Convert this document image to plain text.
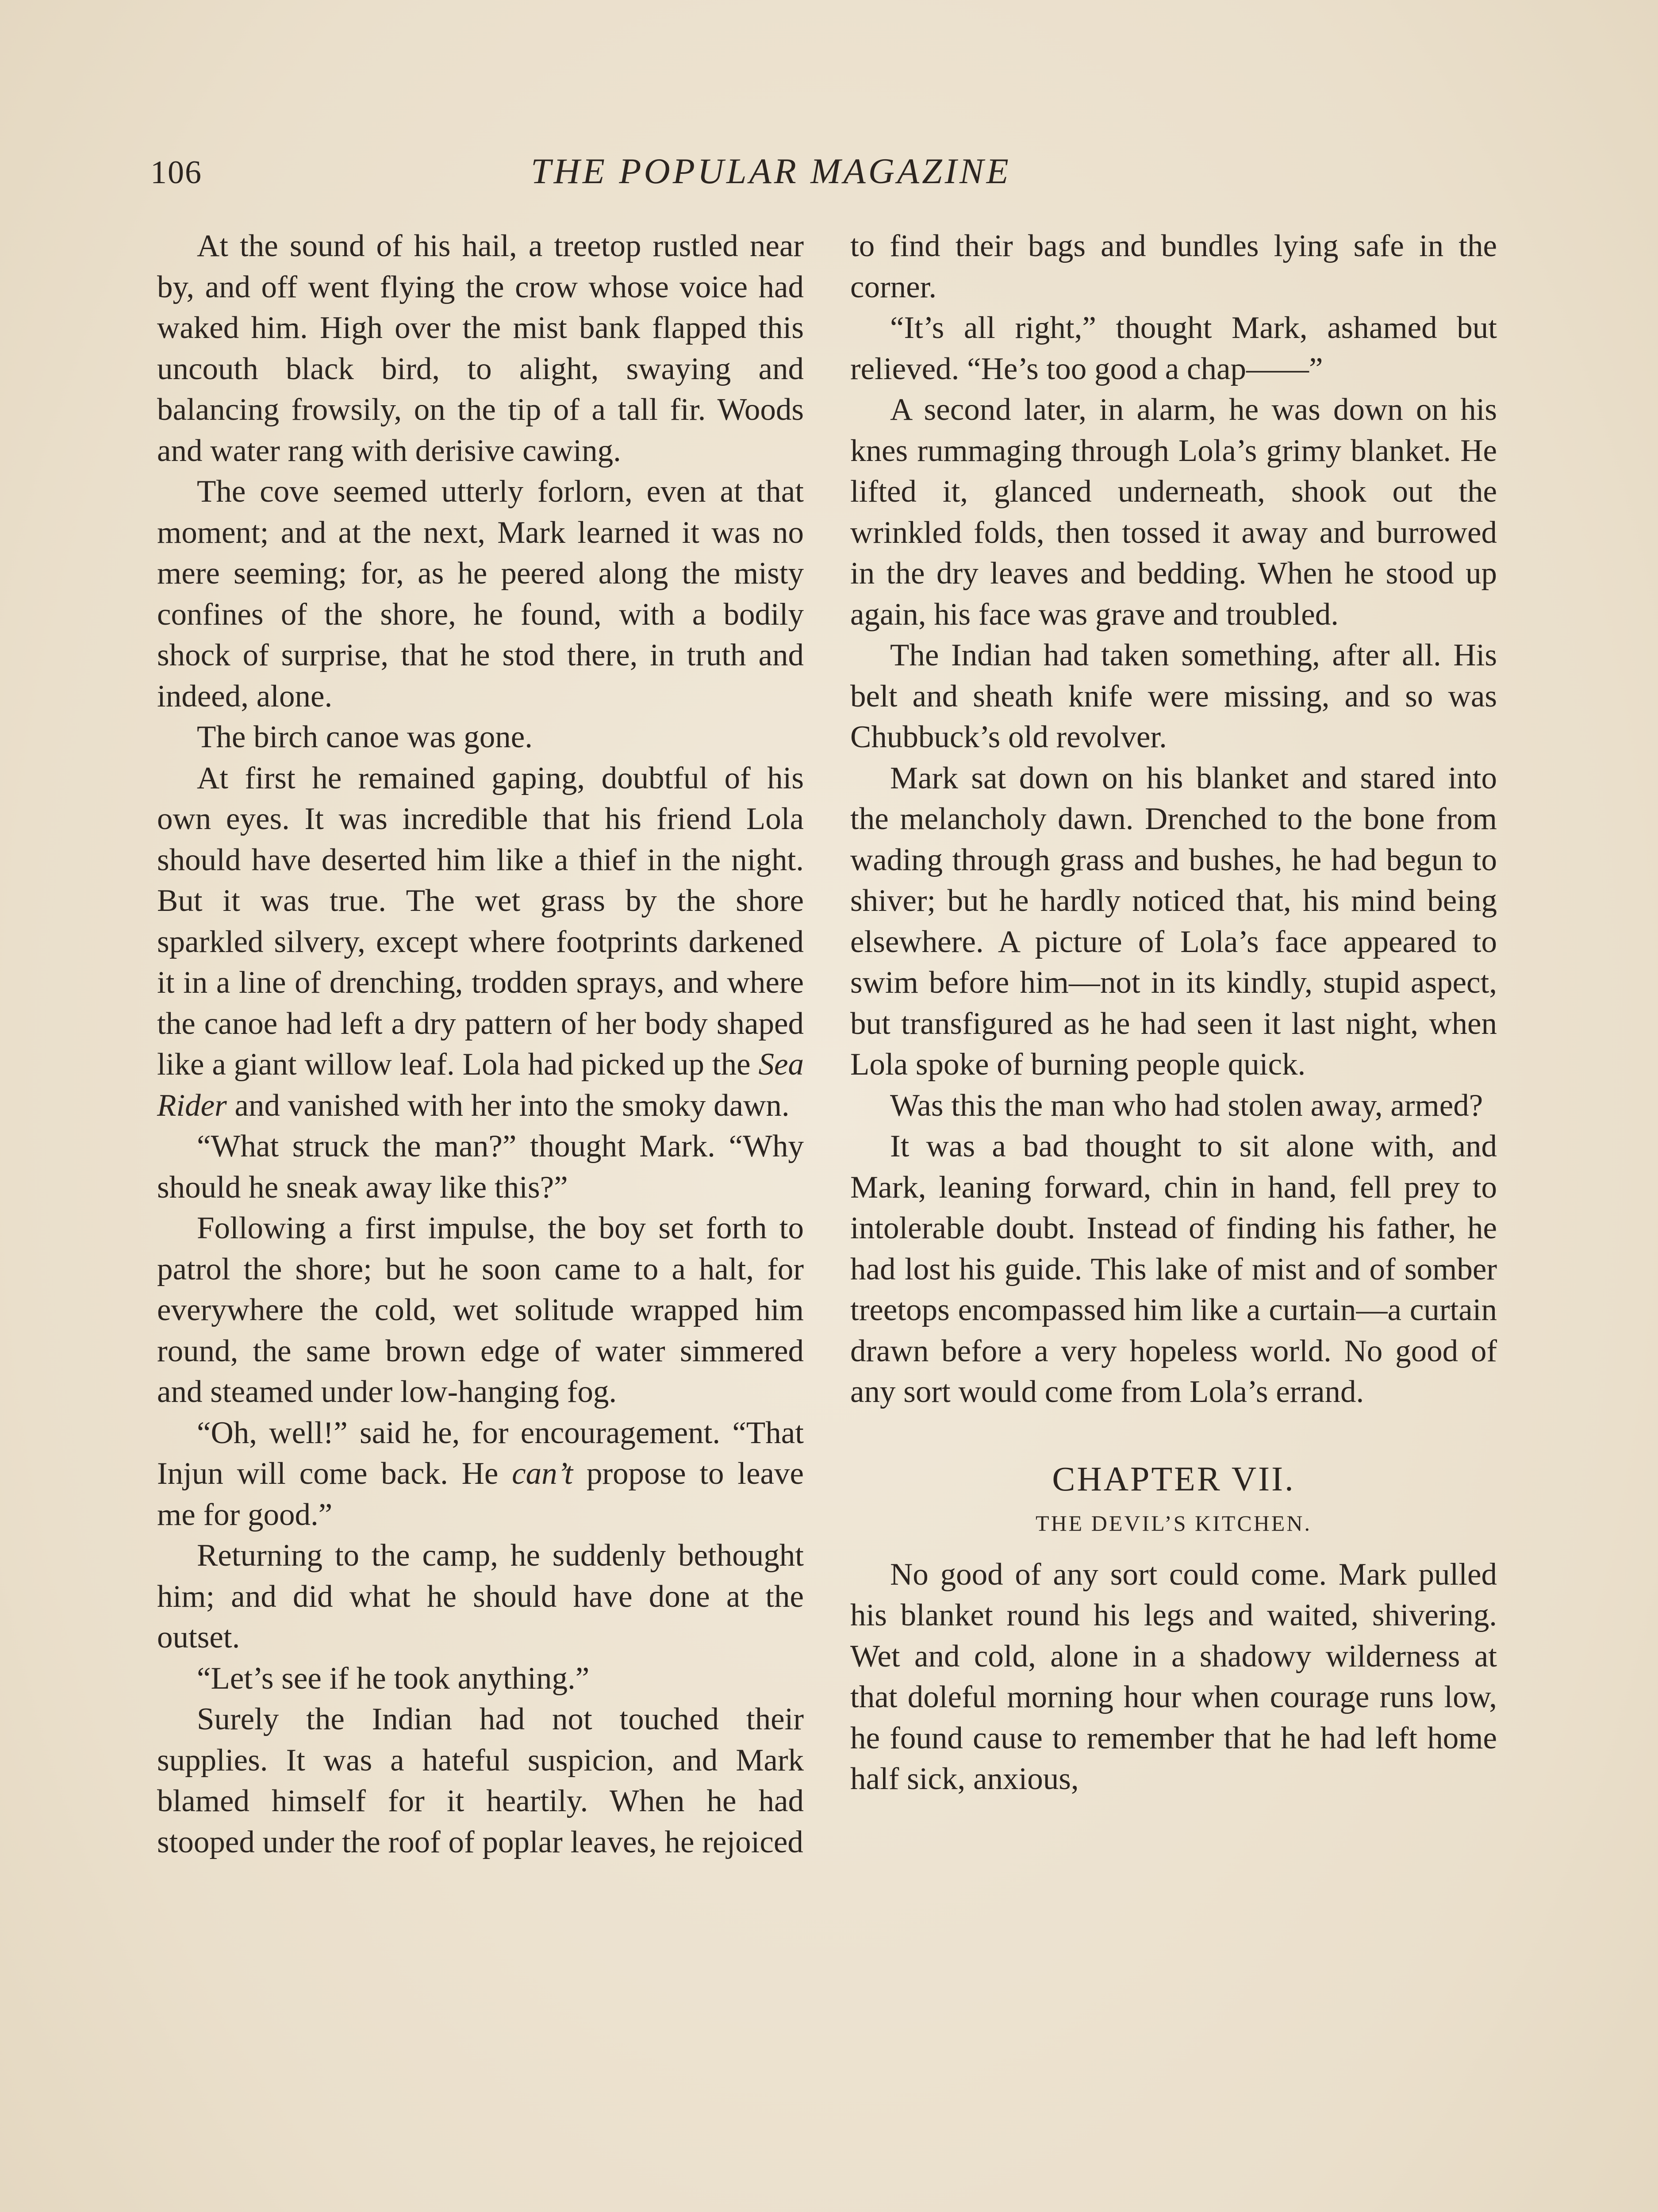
106	THE POPULAR MAGAZINE

At the sound of his hail, a treetop rustled near by, and off went flying the crow whose voice had waked him. High over the mist bank flapped this uncouth black bird, to alight, swaying and balancing frowsily, on the tip of a tall fir. Woods and water rang with derisive cawing.

The cove seemed utterly forlorn, even at that moment; and at the next, Mark learned it was no mere seeming; for, as he peered along the misty confines of the shore, he found, with a bodily shock of surprise, that he stod there, in truth and indeed, alone.

The birch canoe was gone.

At first he remained gaping, doubtful of his own eyes. It was incredible that his friend Lola should have deserted him like a thief in the night. But it was true. The wet grass by the shore sparkled silvery, except where footprints darkened it in a line of drenching, trodden sprays, and where the canoe had left a dry pattern of her body shaped like a giant willow leaf. Lola had picked up the Sea Rider and vanished with her into the smoky dawn.

“What struck the man?” thought Mark. “Why should he sneak away like this?”

Following a first impulse, the boy set forth to patrol the shore; but he soon came to a halt, for everywhere the cold, wet solitude wrapped him round, the same brown edge of water simmered and steamed under low-hanging fog.

“Oh, well!” said he, for encouragement. “That Injun will come back. He can’t propose to leave me for good.”

Returning to the camp, he suddenly bethought him; and did what he should have done at the outset.

“Let’s see if he took anything.”

Surely the Indian had not touched their supplies. It was a hateful suspicion, and Mark blamed himself for it heartily. When he had stooped under the roof of poplar leaves, he rejoiced

to find their bags and bundles lying safe in the corner.

“It’s all right,” thought Mark, ashamed but relieved. “He’s too good a chap——”

A second later, in alarm, he was down on his knes rummaging through Lola’s grimy blanket. He lifted it, glanced underneath, shook out the wrinkled folds, then tossed it away and burrowed in the dry leaves and bedding. When he stood up again, his face was grave and troubled.

The Indian had taken something, after all. His belt and sheath knife were missing, and so was Chubbuck’s old revolver.

Mark sat down on his blanket and stared into the melancholy dawn. Drenched to the bone from wading through grass and bushes, he had begun to shiver; but he hardly noticed that, his mind being elsewhere. A picture of Lola’s face appeared to swim before him—not in its kindly, stupid aspect, but transfigured as he had seen it last night, when Lola spoke of burning people quick.

Was this the man who had stolen away, armed?

It was a bad thought to sit alone with, and Mark, leaning forward, chin in hand, fell prey to intolerable doubt. Instead of finding his father, he had lost his guide. This lake of mist and of somber treetops encompassed him like a curtain—a curtain drawn before a very hopeless world. No good of any sort would come from Lola’s errand.

CHAPTER VII.
THE DEVIL’S KITCHEN.

No good of any sort could come. Mark pulled his blanket round his legs and waited, shivering. Wet and cold, alone in a shadowy wilderness at that doleful morning hour when courage runs low, he found cause to remember that he had left home half sick, anxious,
